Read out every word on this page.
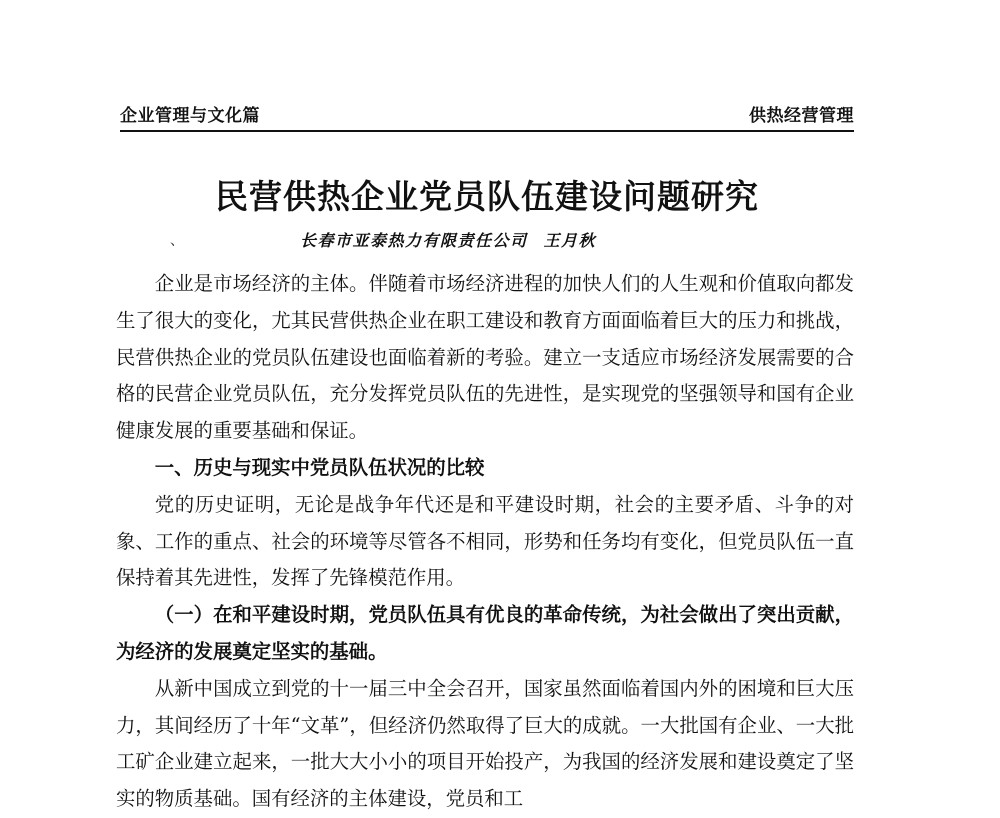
企业管理与文化篇	供热经营管理
民营供热企业党员队伍建设问题研究
、	长春市亚泰热力有限责任公司 王月秋

企业是市场经济的主体。伴随着市场经济进程的加快人们的人生观和价值取向都发生了很大的变化，尤其民营供热企业在职工建设和教育方面面临着巨大的压力和挑战，民营供热企业的党员队伍建设也面临着新的考验。建立一支适应市场经济发展需要的合格的民营企业党员队伍，充分发挥党员队伍的先进性，是实现党的坚强领导和国有企业健康发展的重要基础和保证。

一、历史与现实中党员队伍状况的比较

党的历史证明，无论是战争年代还是和平建设时期，社会的主要矛盾、斗争的对象、工作的重点、社会的环境等尽管各不相同，形势和任务均有变化，但党员队伍一直保持着其先进性，发挥了先锋模范作用。

（一）在和平建设时期，党员队伍具有优良的革命传统，为社会做出了突出贡献，为经济的发展奠定坚实的基础。

从新中国成立到党的十一届三中全会召开，国家虽然面临着国内外的困境和巨大压力，其间经历了十年“文革”，但经济仍然取得了巨大的成就。一大批国有企业、一大批工矿企业建立起来，一批大大小小的项目开始投产，为我国的经济发展和建设奠定了坚实的物质基础。国有经济的主体建设，党员和工
